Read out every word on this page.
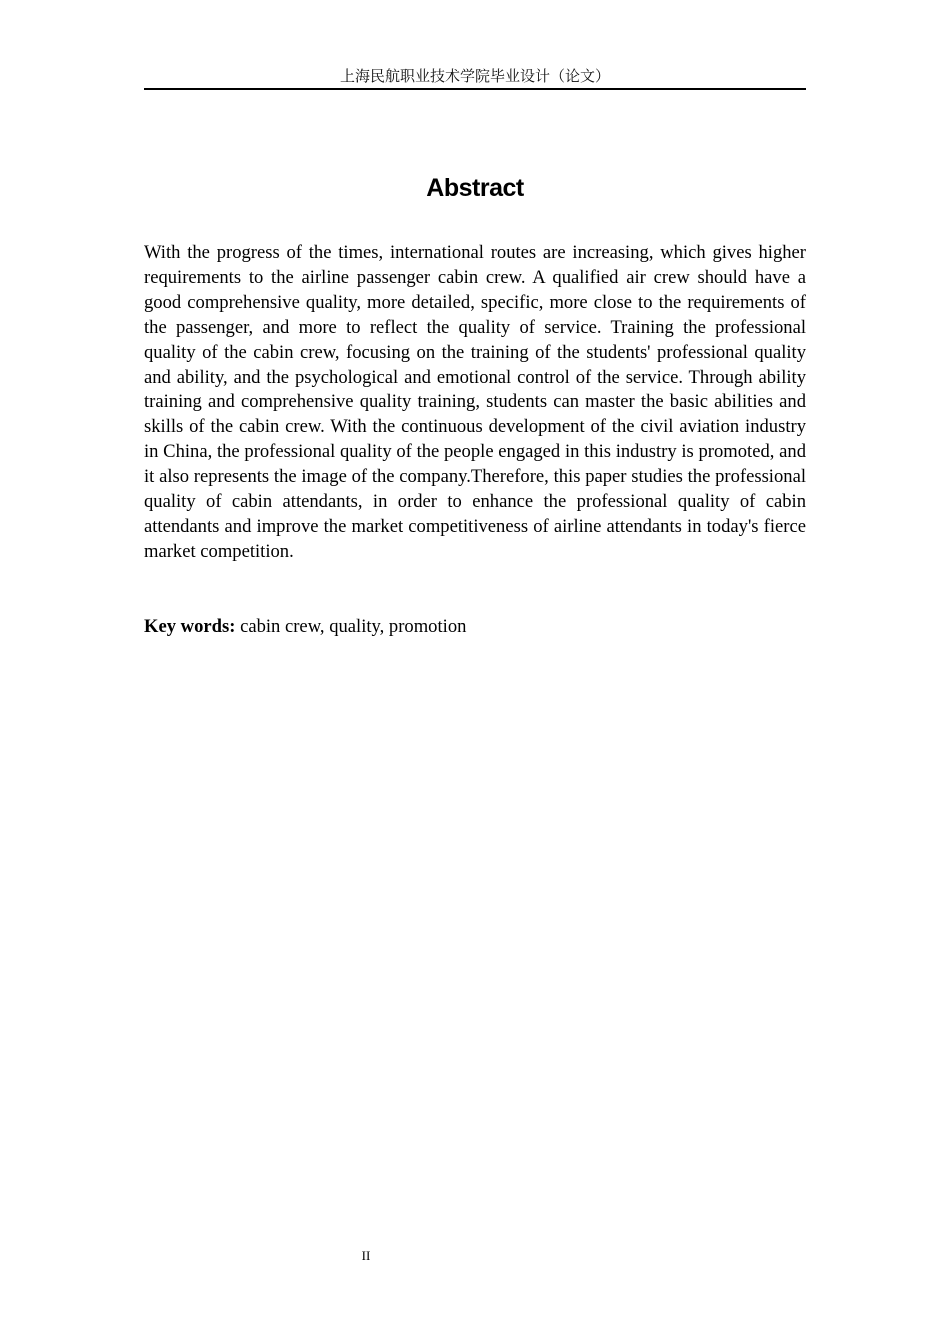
上海民航职业技术学院毕业设计（论文）
Abstract

With the progress of the times, international routes are increasing, which gives higher requirements to the airline passenger cabin crew. A qualified air crew should have a good comprehensive quality, more detailed, specific, more close to the requirements of the passenger, and more to reflect the quality of service. Training the professional quality of the cabin crew, focusing on the training of the students' professional quality and ability, and the psychological and emotional control of the service. Through ability training and comprehensive quality training, students can master the basic abilities and skills of the cabin crew. With the continuous development of the civil aviation industry in China, the professional quality of the people engaged in this industry is promoted, and it also represents the image of the company.Therefore, this paper studies the professional quality of cabin attendants, in order to enhance the professional quality of cabin attendants and improve the market competitiveness of airline attendants in today's fierce market competition.

Key words: cabin crew, quality, promotion

II
